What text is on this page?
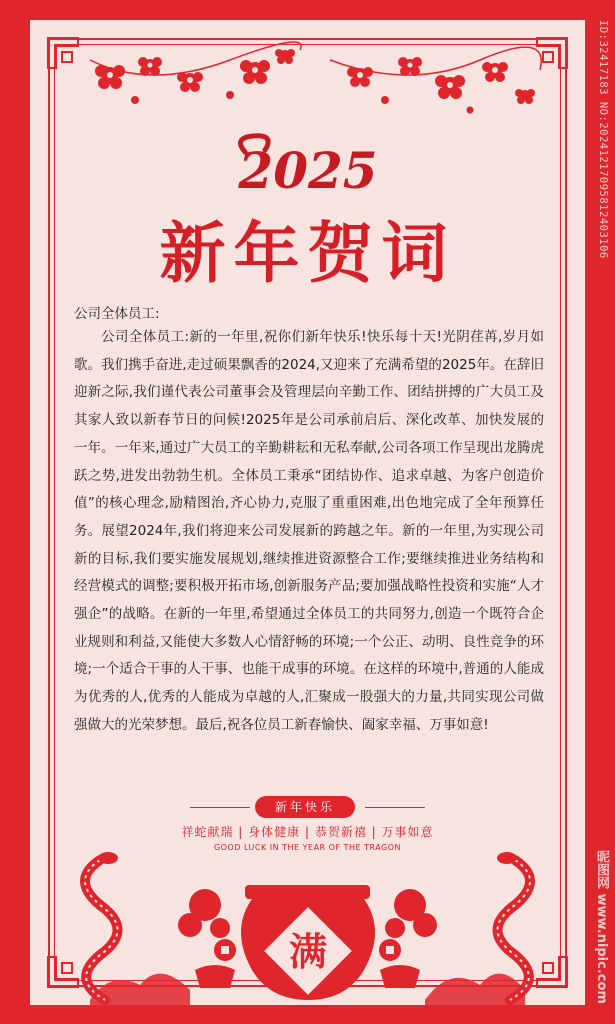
2025
新年贺词
公司全体员工:

公司全体员工:新的一年里,祝你们新年快乐!快乐每十天!光阴荏苒,岁月如歌。我们携手奋进,走过硕果飘香的2024,又迎来了充满希望的2025年。在辞旧迎新之际,我们谨代表公司董事会及管理层向辛勤工作、团结拼搏的广大员工及其家人致以新春节日的问候!2025年是公司承前启后、深化改革、加快发展的一年。一年来,通过广大员工的辛勤耕耘和无私奉献,公司各项工作呈现出龙腾虎跃之势,进发出勃勃生机。全体员工秉承“团结协作、追求卓越、为客户创造价值”的核心理念,励精图治,齐心协力,克服了重重困难,出色地完成了全年预算任务。展望2024年,我们将迎来公司发展新的跨越之年。新的一年里,为实现公司新的目标,我们要实施发展规划,继续推进资源整合工作;要继续推进业务结构和经营模式的调整;要积极开拓市场,创新服务产品;要加强战略性投资和实施“人才强企”的战略。在新的一年里,希望通过全体员工的共同努力,创造一个既符合企业规则和利益,又能使大多数人心情舒畅的环境;一个公正、动明、良性竞争的环境;一个适合干事的人干事、也能干成事的环境。在这样的环境中,普通的人能成为优秀的人,优秀的人能成为卓越的人,汇聚成一股强大的力量,共同实现公司做强做大的光荣梦想。最后,祝各位员工新春愉快、阖家幸福、万事如意!

新年快乐
祥蛇献瑞 | 身体健康 | 恭贺新禧 | 万事如意
GOOD LUCK IN THE YEAR OF THE TRAGON
满
ID:32417183 NO:20241217095812403106
昵图网 www.nipic.com
